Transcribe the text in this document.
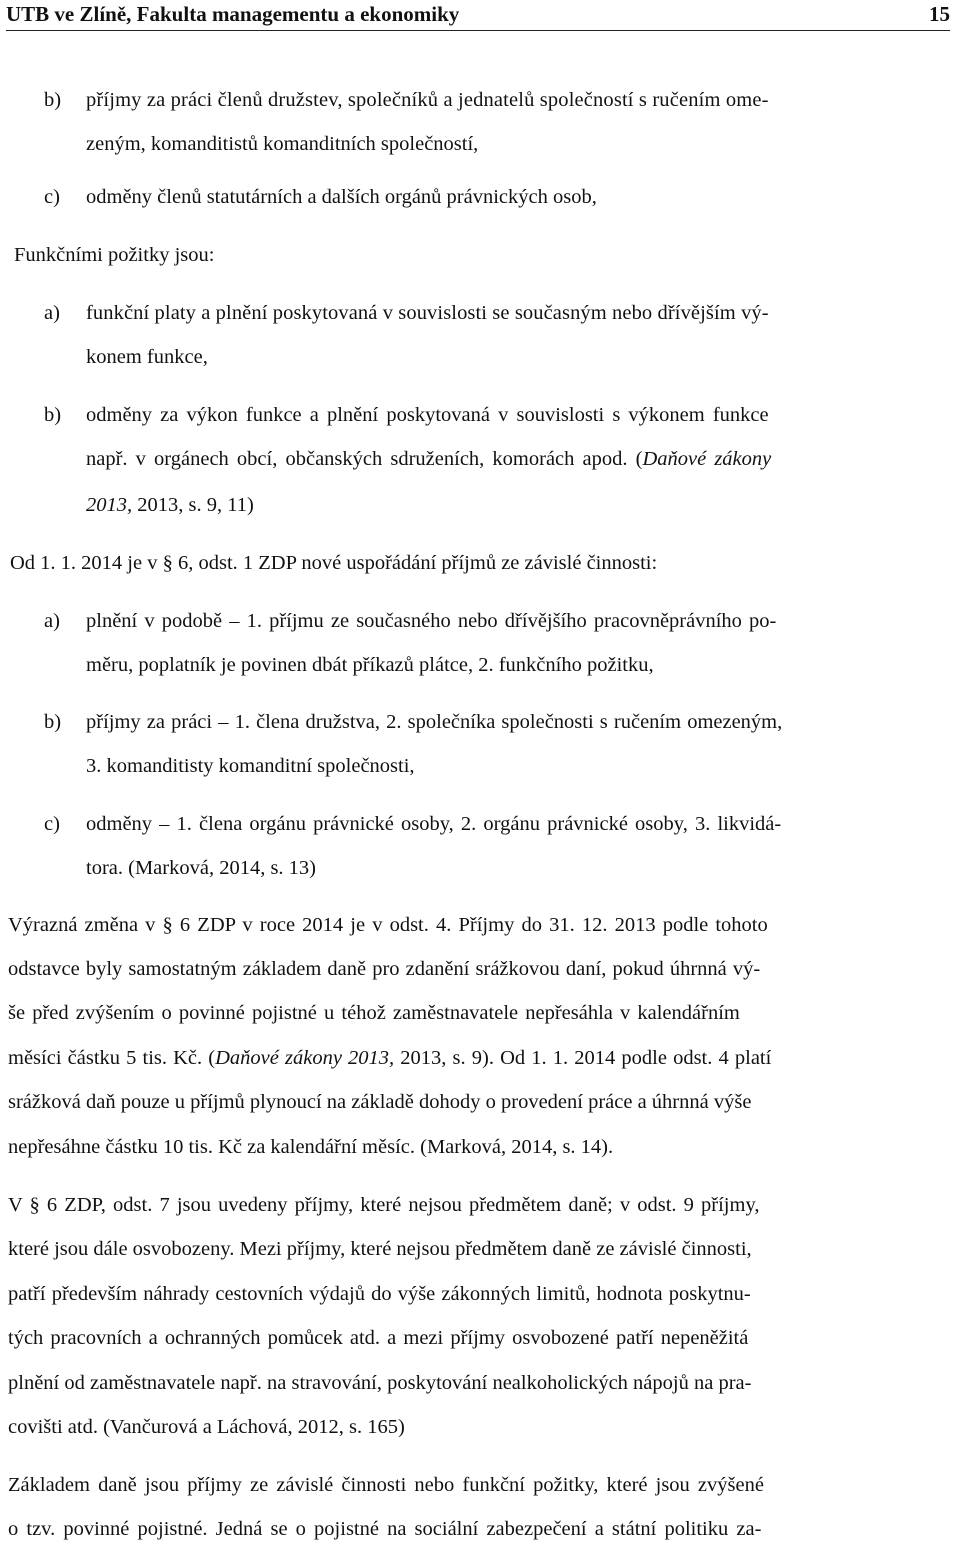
UTB ve Zlíně, Fakulta managementu a ekonomiky	15
b) příjmy za práci členů družstev, společníků a jednatelů společností s ručením ome-
zeným, komanditistů komanditních společností,
c) odměny členů statutárních a dalších orgánů právnických osob,
Funkčními požitky jsou:
a) funkční platy a plnění poskytovaná v souvislosti se současným nebo dřívějším vý-
konem funkce,
b) odměny za výkon funkce a plnění poskytovaná v souvislosti s výkonem funkce
např. v orgánech obcí, občanských sdruženích, komorách apod. (Daňové zákony
2013, 2013, s. 9, 11)
Od 1. 1. 2014 je v § 6, odst. 1 ZDP nové uspořádání příjmů ze závislé činnosti:
a) plnění v podobě – 1. příjmu ze současného nebo dřívějšího pracovněprávního po-
měru, poplatník je povinen dbát příkazů plátce, 2. funkčního požitku,
b) příjmy za práci – 1. člena družstva, 2. společníka společnosti s ručením omezeným,
3. komanditisty komanditní společnosti,
c) odměny – 1. člena orgánu právnické osoby, 2. orgánu právnické osoby, 3. likvidá-
tora. (Marková, 2014, s. 13)
Výrazná změna v § 6 ZDP v roce 2014 je v odst. 4. Příjmy do 31. 12. 2013 podle tohoto
odstavce byly samostatným základem daně pro zdanění srážkovou daní, pokud úhrnná vý-
še před zvýšením o povinné pojistné u téhož zaměstnavatele nepřesáhla v kalendářním
měsíci částku 5 tis. Kč. (Daňové zákony 2013, 2013, s. 9). Od 1. 1. 2014 podle odst. 4 platí
srážková daň pouze u příjmů plynoucí na základě dohody o provedení práce a úhrnná výše
nepřesáhne částku 10 tis. Kč za kalendářní měsíc. (Marková, 2014, s. 14).
V § 6 ZDP, odst. 7 jsou uvedeny příjmy, které nejsou předmětem daně; v odst. 9 příjmy,
které jsou dále osvobozeny. Mezi příjmy, které nejsou předmětem daně ze závislé činnosti,
patří především náhrady cestovních výdajů do výše zákonných limitů, hodnota poskytnu-
tých pracovních a ochranných pomůcek atd. a mezi příjmy osvobozené patří nepeněžitá
plnění od zaměstnavatele např. na stravování, poskytování nealkoholických nápojů na pra-
covišti atd. (Vančurová a Láchová, 2012, s. 165)
Základem daně jsou příjmy ze závislé činnosti nebo funkční požitky, které jsou zvýšené
o tzv. povinné pojistné. Jedná se o pojistné na sociální zabezpečení a státní politiku za-
